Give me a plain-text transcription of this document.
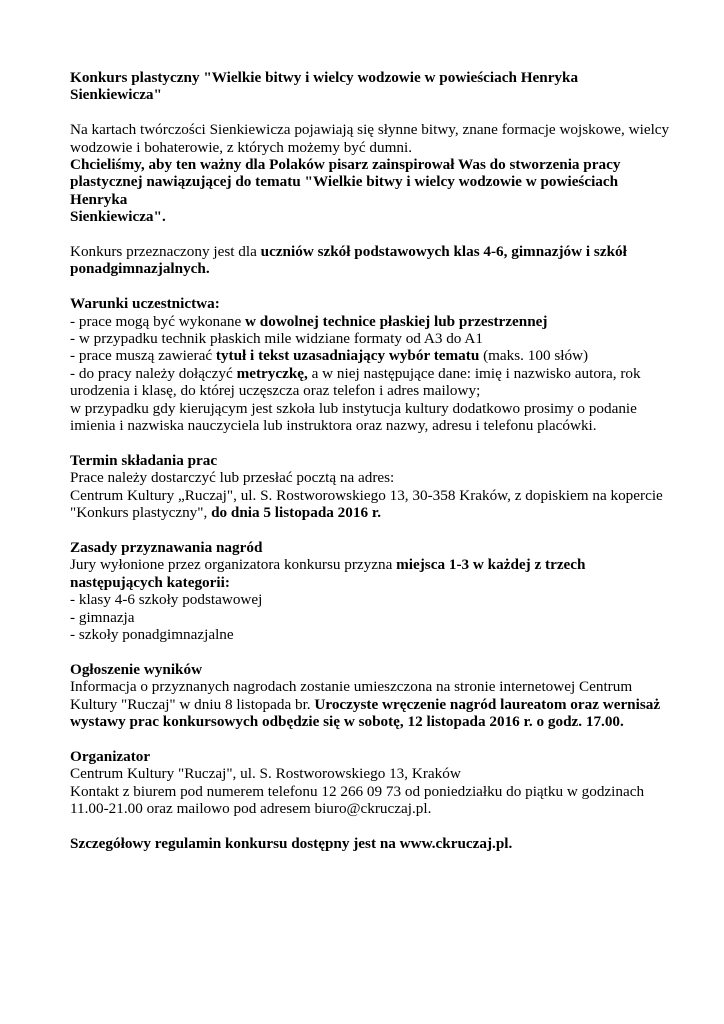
Konkurs plastyczny "Wielkie bitwy i wielcy wodzowie w powieściach Henryka Sienkiewicza"

Na kartach twórczości Sienkiewicza pojawiają się słynne bitwy, znane formacje wojskowe, wielcy

wodzowie i bohaterowie, z których możemy być dumni.

Chcieliśmy, aby ten ważny dla Polaków pisarz zainspirował Was do stworzenia pracy

plastycznej nawiązującej do tematu "Wielkie bitwy i wielcy wodzowie w powieściach Henryka

Sienkiewicza".

Konkurs przeznaczony jest dla uczniów szkół podstawowych klas 4-6, gimnazjów i szkół

ponadgimnazjalnych.

Warunki uczestnictwa:

- prace mogą być wykonane w dowolnej technice płaskiej lub przestrzennej

- w przypadku technik płaskich mile widziane formaty od A3 do A1

- prace muszą zawierać tytuł i tekst uzasadniający wybór tematu (maks. 100 słów)

- do pracy należy dołączyć metryczkę, a w niej następujące dane: imię i nazwisko autora, rok

urodzenia i klasę, do której uczęszcza oraz telefon i adres mailowy;

w przypadku gdy kierującym jest szkoła lub instytucja kultury dodatkowo prosimy o podanie

imienia i nazwiska nauczyciela lub instruktora oraz nazwy, adresu i telefonu placówki.

Termin składania prac

Prace należy dostarczyć lub przesłać pocztą na adres:

Centrum Kultury „Ruczaj", ul. S. Rostworowskiego 13, 30-358 Kraków, z dopiskiem na kopercie

"Konkurs plastyczny", do dnia 5 listopada 2016 r.

Zasady przyznawania nagród

Jury wyłonione przez organizatora konkursu przyzna miejsca 1-3 w każdej z trzech

następujących kategorii:

- klasy 4-6 szkoły podstawowej

- gimnazja

- szkoły ponadgimnazjalne

Ogłoszenie wyników

Informacja o przyznanych nagrodach zostanie umieszczona na stronie internetowej Centrum

Kultury "Ruczaj" w dniu 8 listopada br. Uroczyste wręczenie nagród laureatom oraz wernisaż

wystawy prac konkursowych odbędzie się w sobotę, 12 listopada 2016 r. o godz. 17.00.

Organizator

Centrum Kultury "Ruczaj", ul. S. Rostworowskiego 13, Kraków

Kontakt z biurem pod numerem telefonu 12 266 09 73 od poniedziałku do piątku w godzinach

11.00-21.00 oraz mailowo pod adresem biuro@ckruczaj.pl.

Szczegółowy regulamin konkursu dostępny jest na www.ckruczaj.pl.
